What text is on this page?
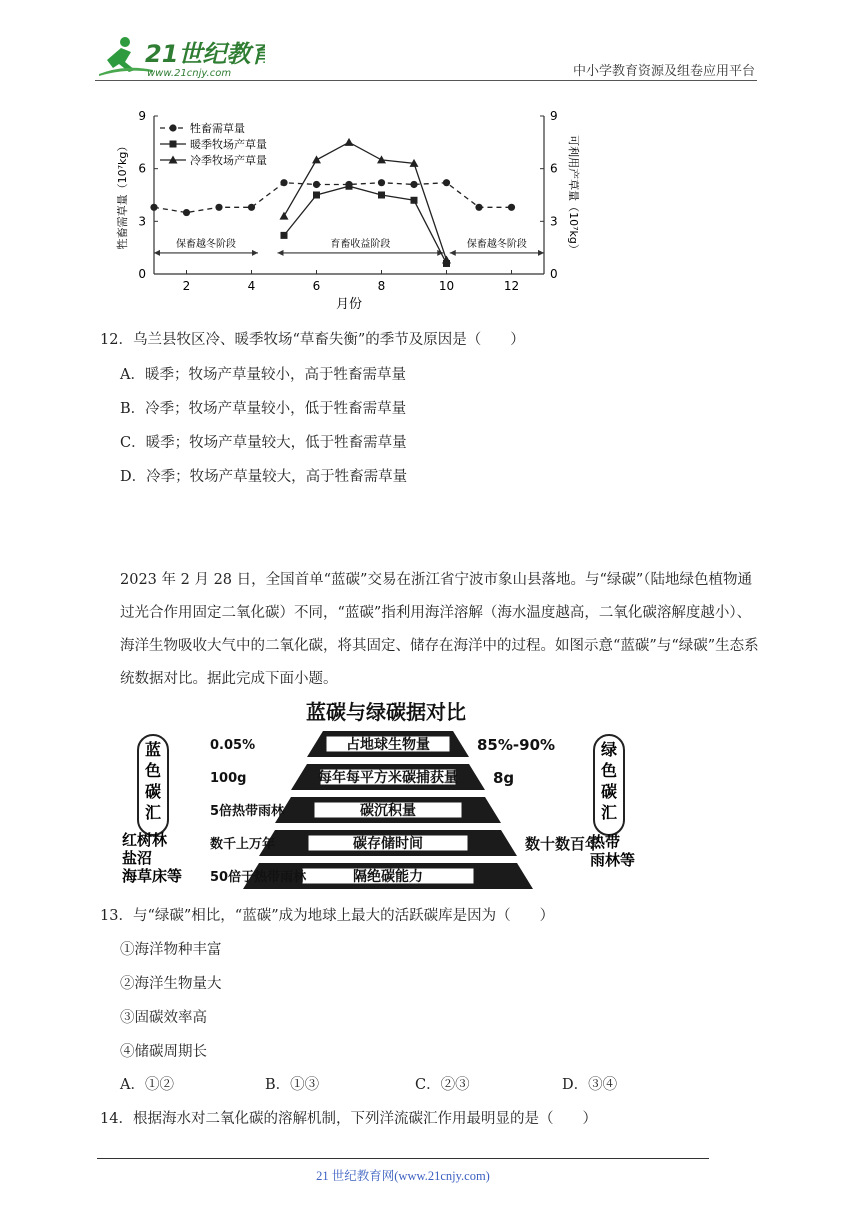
21世纪教育
www.21cnjy.com	中小学教育资源及组卷应用平台
0	0
3	3
6	6
9	9
2	4	6	8	10	12
月份
牲畜需草量（10⁷kg）	可利用产草量（10⁷kg）
保畜越冬阶段	育畜收益阶段	保畜越冬阶段
牲畜需草量
暖季牧场产草量
冷季牧场产草量
12．乌兰县牧区冷、暖季牧场“草畜失衡”的季节及原因是（　　）
A．暖季；牧场产草量较小，高于牲畜需草量
B．冷季；牧场产草量较小，低于牲畜需草量
C．暖季；牧场产草量较大，低于牲畜需草量
D．冷季；牧场产草量较大，高于牲畜需草量
2023 年 2 月 28 日，全国首单“蓝碳”交易在浙江省宁波市象山县落地。与“绿碳”（陆地绿色植物通过光合作用固定二氧化碳）不同，“蓝碳”指利用海洋溶解（海水温度越高，二氧化碳溶解度越小）、海洋生物吸收大气中的二氧化碳，将其固定、储存在海洋中的过程。如图示意“蓝碳”与“绿碳”生态系统数据对比。据此完成下面小题。
蓝碳与绿碳据对比
蓝
色
碳
汇
绿
色
碳
汇
红树林
盐沼
海草床等
热带
雨林等
占地球生物量
0.05%	85%-90%
每年每平方米碳捕获量
100g	8g
碳沉积量
5倍热带雨林
碳存储时间
数千上万年	数十数百年
隔绝碳能力
50倍于热带雨林
13．与“绿碳”相比，“蓝碳”成为地球上最大的活跃碳库是因为（　　）
①海洋物种丰富
②海洋生物量大
③固碳效率高
④储碳周期长
A．①②	B．①③	C．②③	D．③④
14．根据海水对二氧化碳的溶解机制，下列洋流碳汇作用最明显的是（　　）
21 世纪教育网(www.21cnjy.com)
